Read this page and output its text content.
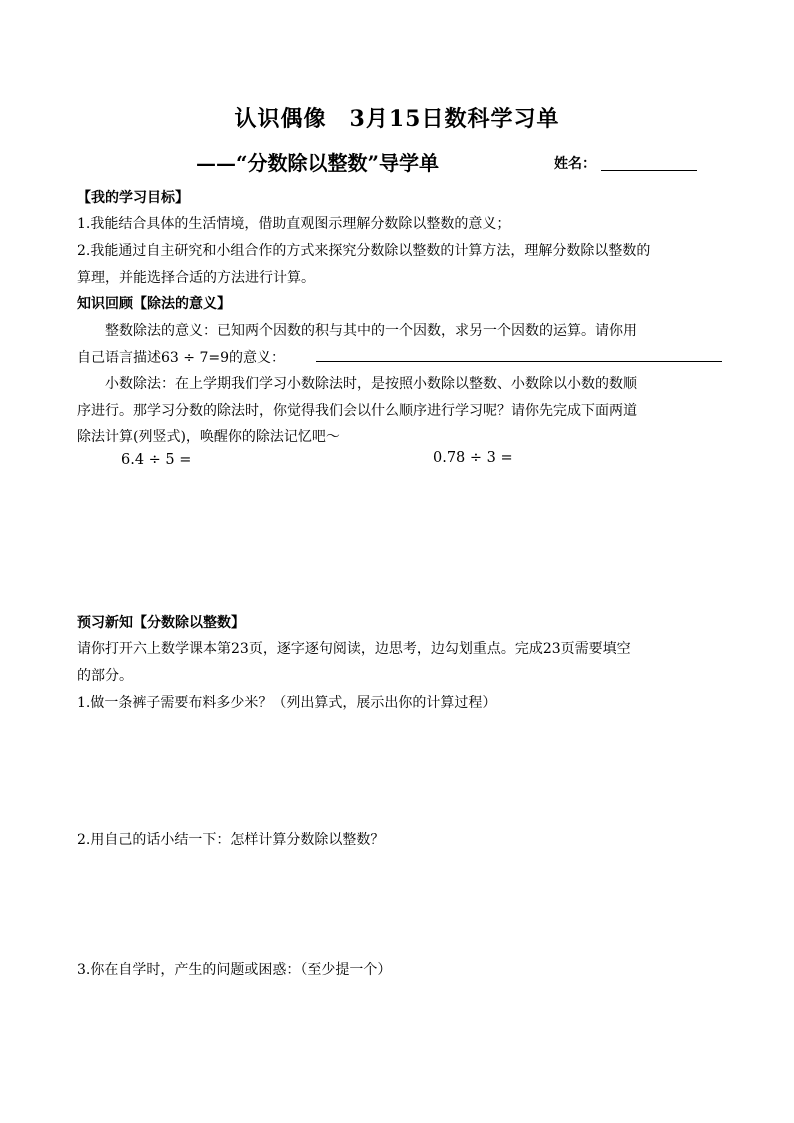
认识偶像　3月15日数科学习单
——“分数除以整数”导学单	姓名：
【我的学习目标】
1.我能结合具体的生活情境，借助直观图示理解分数除以整数的意义；
2.我能通过自主研究和小组合作的方式来探究分数除以整数的计算方法，理解分数除以整数的
算理，并能选择合适的方法进行计算。
知识回顾【除法的意义】
整数除法的意义：已知两个因数的积与其中的一个因数，求另一个因数的运算。请你用
自己语言描述63 ÷ 7=9的意义：
小数除法：在上学期我们学习小数除法时，是按照小数除以整数、小数除以小数的数顺
序进行。那学习分数的除法时，你觉得我们会以什么顺序进行学习呢？请你先完成下面两道
除法计算(列竖式)，唤醒你的除法记忆吧～
6.4 ÷ 5 =	0.78 ÷ 3 =
预习新知【分数除以整数】
请你打开六上数学课本第23页，逐字逐句阅读，边思考，边勾划重点。完成23页需要填空
的部分。
1.做一条裤子需要布料多少米？（列出算式，展示出你的计算过程）
2.用自己的话小结一下：怎样计算分数除以整数？
3.你在自学时，产生的问题或困惑：（至少提一个）
